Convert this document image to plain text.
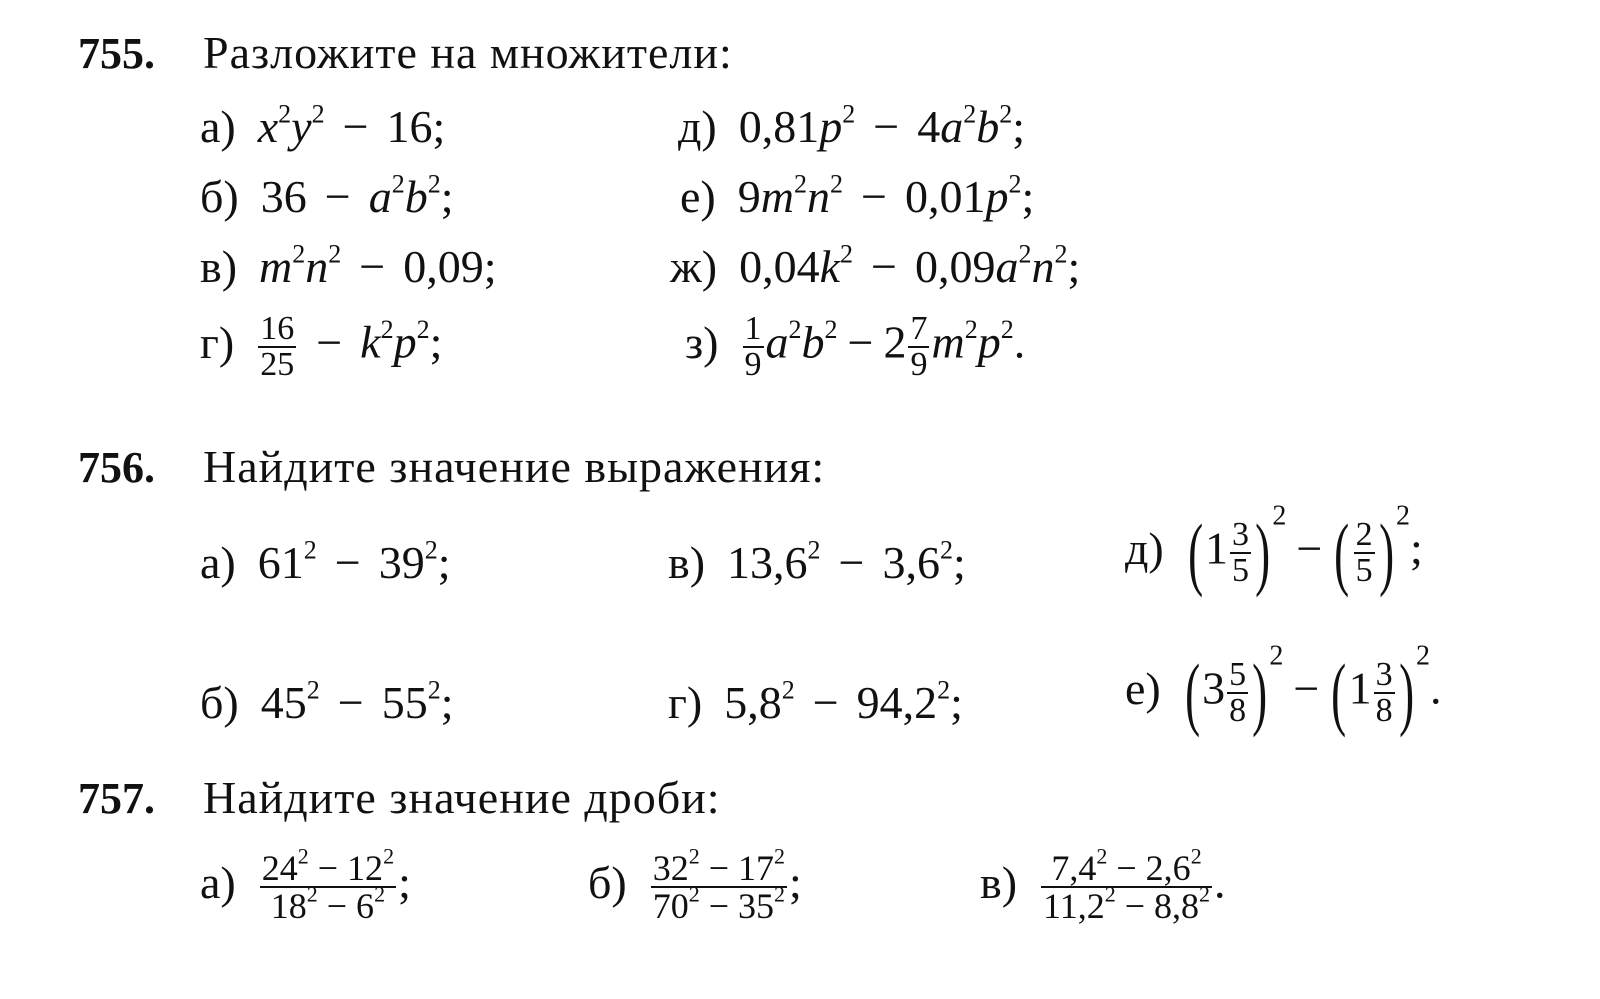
755. Разложите на множители:
а) $x^2y^2 - 16$;	д) $0,81p^2 - 4a^2b^2$;
б) $36 - a^2b^2$;	е) $9m^2n^2 - 0,01p^2$;
в) $m^2n^2 - 0,09$;	ж) $0,04k^2 - 0,09a^2n^2$;
$г) \frac{16}{25} - k^2p^2$;	$з) \frac{1}{9} a^2b^2 - 2 \frac{7}{9} m^2p^2$.
756. Найдите значение выражения:
а) $61^2 - 39^2$;	в) $13,6^2 - 3,6^2$;	д) $(1 \frac{3}{5} )^2-$ ( $\frac{2}{5} )^2$;
б) $45^2 - 55^2$;	г) $5,8^2 - 94,2^2$;	е) $(3 \frac{5}{8} )^2- (1 \frac{3}{8} )^2$.
757. Найдите значение дроби:
$а) \frac{24^2 - 12^2}{18^2 - 6^2}$ ;	$б) \frac{32^2 - 17^2}{70^2 - 35^2}$ ;	$в) \frac{7,4^2 - 2,6^2}{11,2^2 - 8,8^2}$ .
